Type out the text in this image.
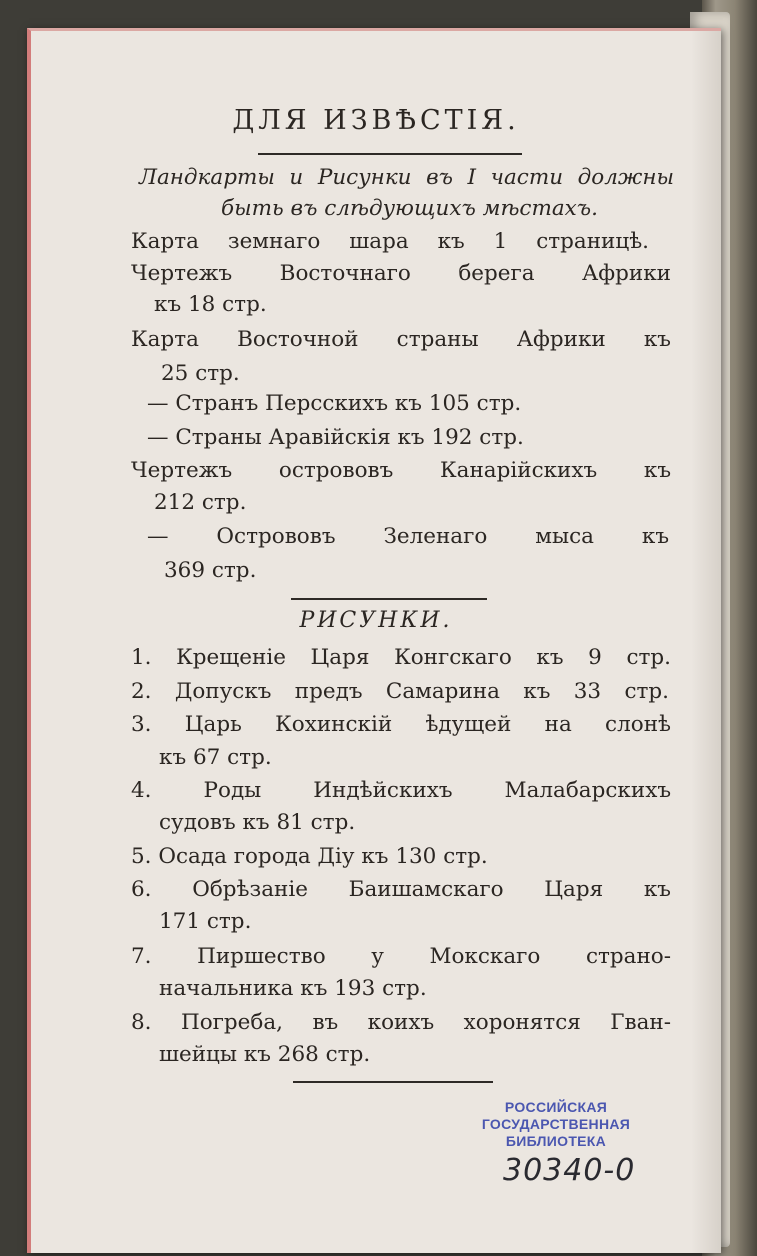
ДЛЯ ИЗВѢСТІЯ.
Ландкарты и Рисунки въ I части должны
быть въ слѣдующихъ мѣстахъ.
Карта земнаго шара къ 1 страницѣ.
Чертежъ Восточнаго берега Африки
къ 18 стр.
Карта Восточной страны Африки къ
25 стр.
— Странъ Персскихъ къ 105 стр.
— Страны Аравійскія къ 192 стр.
Чертежъ острововъ Канарійскихъ къ
212 стр.
— Острововъ Зеленаго мыса къ
369 стр.
РИСУНКИ.
1. Крещеніе Царя Конгскаго къ 9 стр.
2. Допускъ предъ Самарина къ 33 стр.
3. Царь Кохинскій ѣдущей на слонѣ
къ 67 стр.
4. Роды Индѣйскихъ Малабарскихъ
судовъ къ 81 стр.
5. Осада города Діу къ 130 стр.
6. Обрѣзаніе Баишамскаго Царя къ
171 стр.
7. Пиршество у Мокскаго страно-
начальника къ 193 стр.
8. Погреба, въ коихъ хоронятся Гван-
шейцы къ 268 стр.
РОССИЙСКАЯ
ГОСУДАРСТВЕННАЯ
БИБЛИОТЕКА
30340-0
